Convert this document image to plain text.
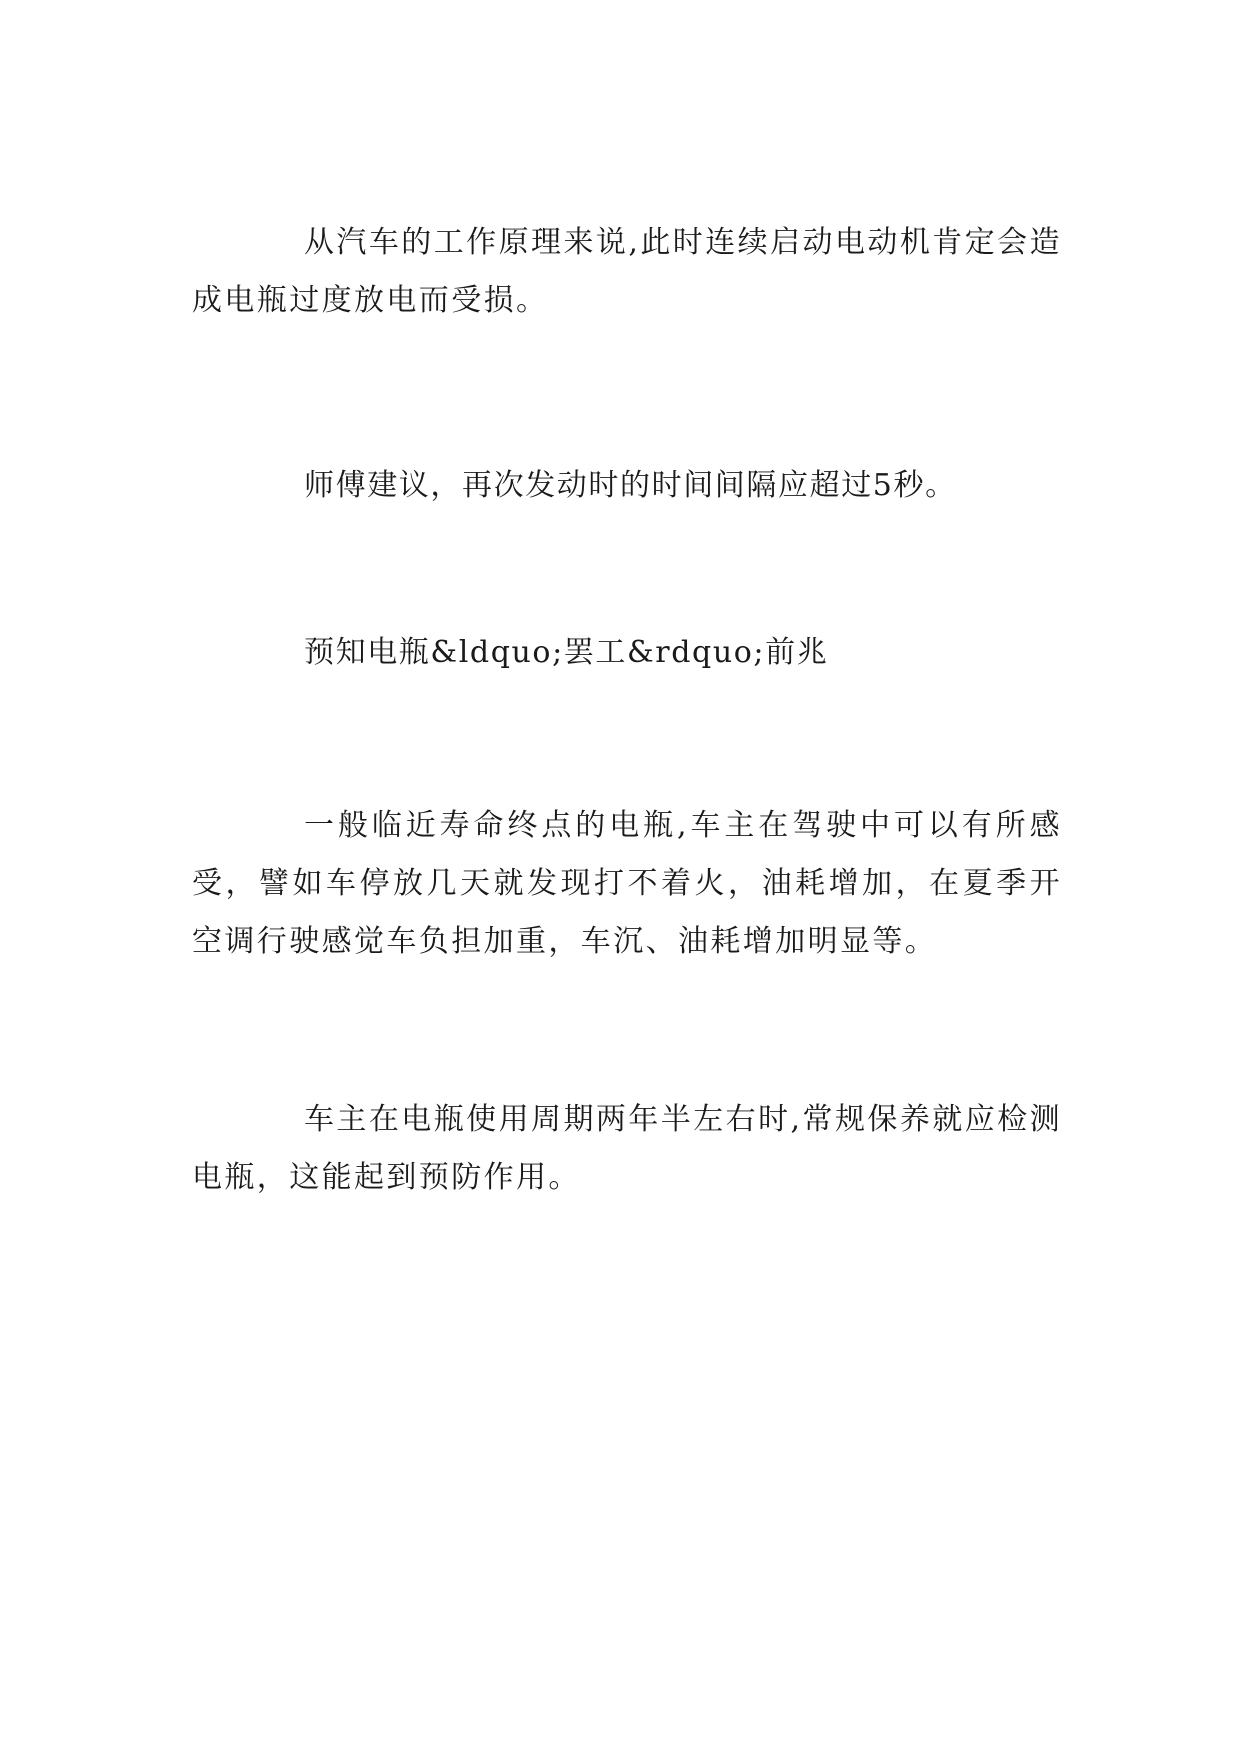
从汽车的工作原理来说,此时连续启动电动机肯定会造成电瓶过度放电而受损。

师傅建议，再次发动时的时间间隔应超过5秒。

预知电瓶&ldquo;罢工&rdquo;前兆

一般临近寿命终点的电瓶,车主在驾驶中可以有所感受，譬如车停放几天就发现打不着火，油耗增加，在夏季开空调行驶感觉车负担加重，车沉、油耗增加明显等。

车主在电瓶使用周期两年半左右时,常规保养就应检测电瓶，这能起到预防作用。
